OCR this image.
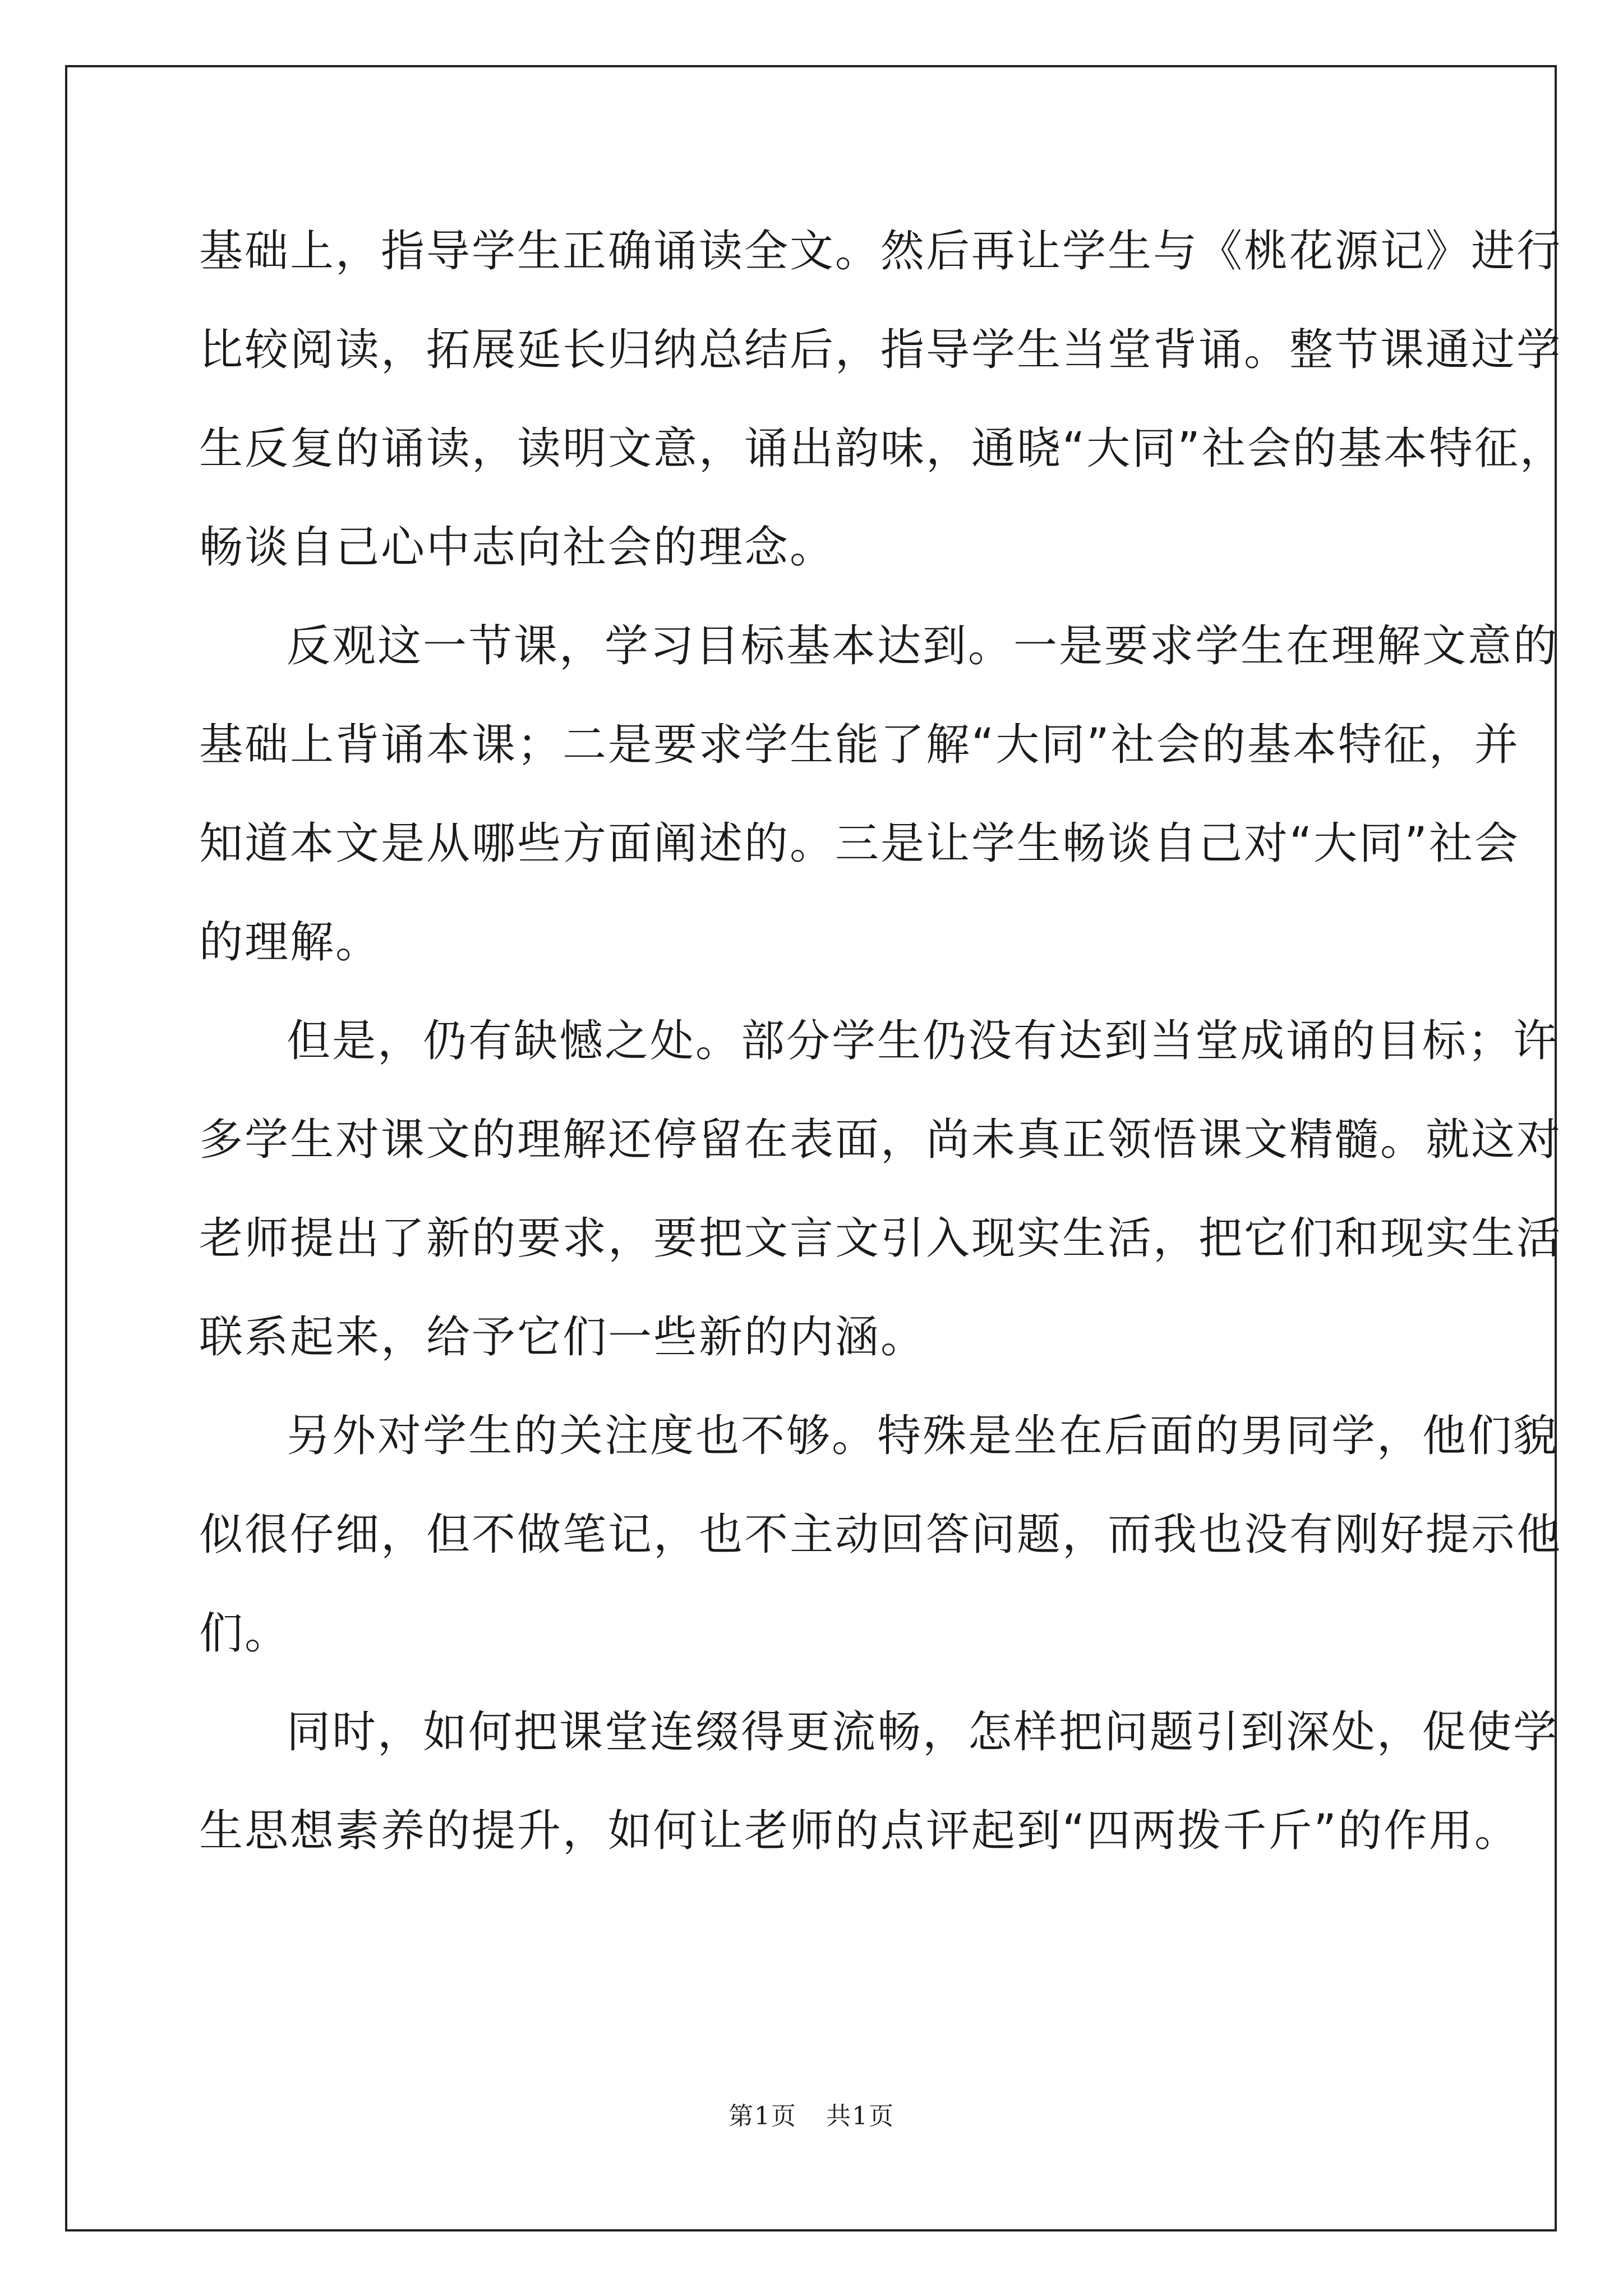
基础上，指导学生正确诵读全文。然后再让学生与《桃花源记》进行
比较阅读，拓展延长归纳总结后，指导学生当堂背诵。整节课通过学
生反复的诵读，读明文意，诵出韵味，通晓“大同”社会的基本特征，
畅谈自己心中志向社会的理念。
反观这一节课，学习目标基本达到。一是要求学生在理解文意的
基础上背诵本课；二是要求学生能了解“大同”社会的基本特征，并
知道本文是从哪些方面阐述的。三是让学生畅谈自己对“大同”社会
的理解。
但是，仍有缺憾之处。部分学生仍没有达到当堂成诵的目标；许
多学生对课文的理解还停留在表面，尚未真正领悟课文精髓。就这对
老师提出了新的要求，要把文言文引入现实生活，把它们和现实生活
联系起来，给予它们一些新的内涵。
另外对学生的关注度也不够。特殊是坐在后面的男同学，他们貌
似很仔细，但不做笔记，也不主动回答问题，而我也没有刚好提示他
们。
同时，如何把课堂连缀得更流畅，怎样把问题引到深处，促使学
生思想素养的提升，如何让老师的点评起到“四两拨千斤”的作用。
第1页 共1页
